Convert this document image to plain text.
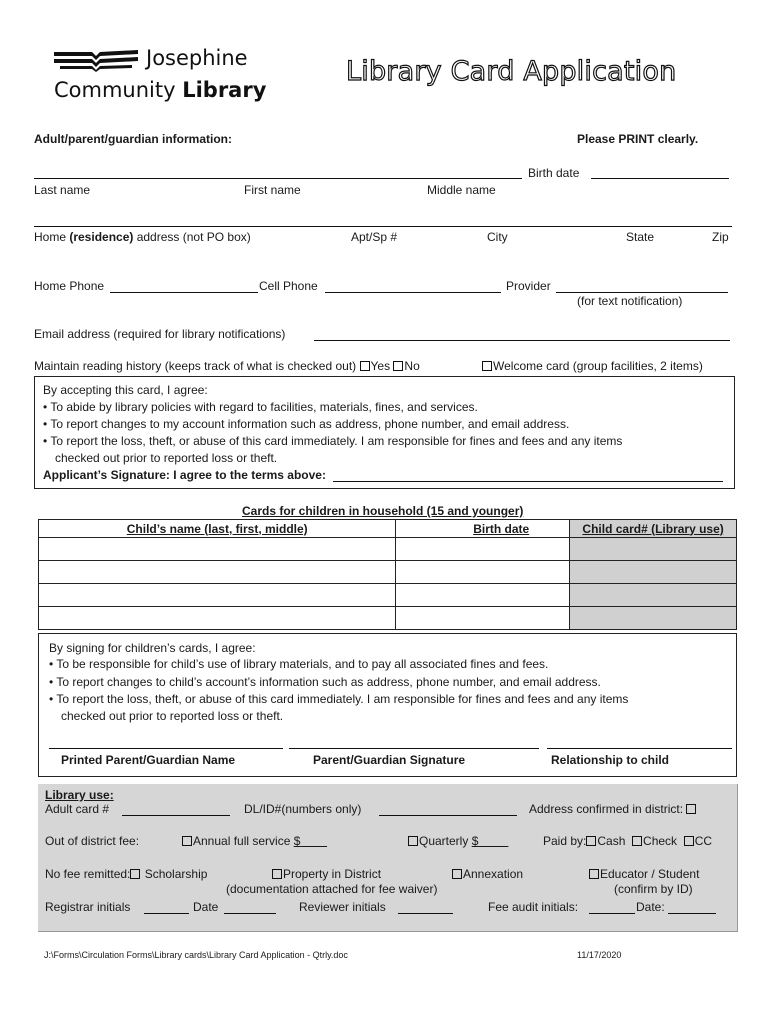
Josephine
Community Library
Library Card Application
Adult/parent/guardian information:	Please PRINT clearly.
Birth date
Last name	First name	Middle name
Home (residence) address (not PO box)	Apt/Sp #	City	State	Zip
Home Phone	Cell Phone	Provider
(for text notification)
Email address (required for library notifications)
Maintain reading history (keeps track of what is checked out) Yes No	Welcome card (group facilities, 2 items)
By accepting this card, I agree:
• To abide by library policies with regard to facilities, materials, fines, and services.
• To report changes to my account information such as address, phone number, and email address.
• To report the loss, theft, or abuse of this card immediately. I am responsible for fines and fees and any items
checked out prior to reported loss or theft.
Applicant’s Signature: I agree to the terms above:
Cards for children in household (15 and younger)
Child’s name (last, first, middle)	Birth date	Child card# (Library use)

By signing for children’s cards, I agree:
• To be responsible for child’s use of library materials, and to pay all associated fines and fees.
• To report changes to child’s account’s information such as address, phone number, and email address.
• To report the loss, theft, or abuse of this card immediately. I am responsible for fines and fees and any items
checked out prior to reported loss or theft.
Printed Parent/Guardian Name	Parent/Guardian Signature	Relationship to child
Library use:
Adult card #	DL/ID#(numbers only)	Address confirmed in district:
Out of district fee:	Annual full service $	Quarterly $	Paid by: Cash Check CC
No fee remitted: Scholarship	Property in District	Annexation	Educator / Student
(documentation attached for fee waiver)	(confirm by ID)
Registrar initials	Date	Reviewer initials	Fee audit initials:	Date:
J:\Forms\Circulation Forms\Library cards\Library Card Application - Qtrly.doc	11/17/2020
